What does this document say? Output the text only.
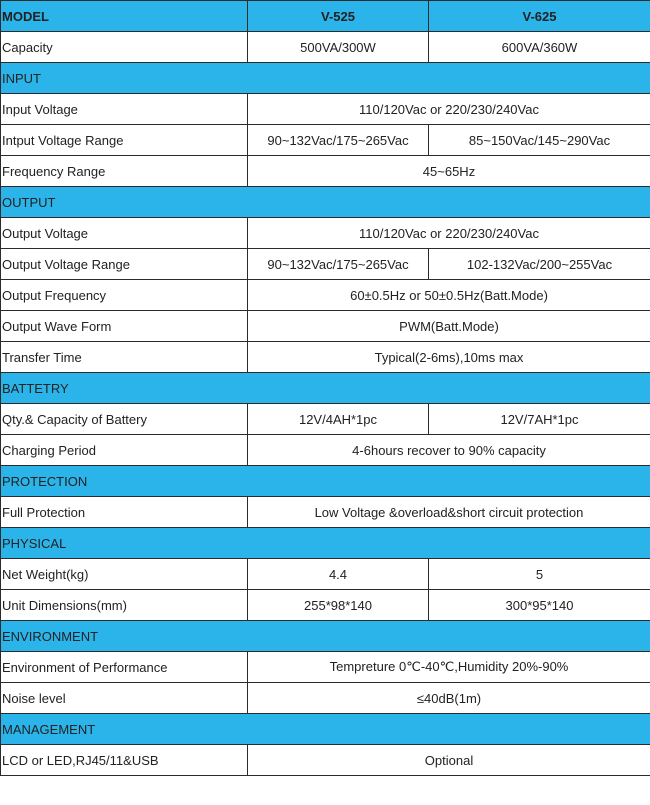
MODEL	V-525	V-625
Capacity	500VA/300W	600VA/360W
INPUT		
Input Voltage	110/120Vac or 220/230/240Vac	
Intput Voltage Range	90~132Vac/175~265Vac	85~150Vac/145~290Vac
Frequency Range	45~65Hz	
OUTPUT		
Output Voltage	110/120Vac or 220/230/240Vac	
Output Voltage Range	90~132Vac/175~265Vac	102-132Vac/200~255Vac
Output Frequency	60±0.5Hz or 50±0.5Hz(Batt.Mode)	
Output Wave Form	PWM(Batt.Mode)	
Transfer Time	Typical(2-6ms),10ms max	
BATTETRY		
Qty.& Capacity of Battery	12V/4AH*1pc	12V/7AH*1pc
Charging Period	4-6hours recover to 90% capacity	
PROTECTION		
Full Protection	Low Voltage &overload&short circuit protection	
PHYSICAL		
Net Weight(kg)	4.4	5
Unit Dimensions(mm)	255*98*140	300*95*140
ENVIRONMENT		
Environment of Performance	Tempreture 0℃-40℃,Humidity 20%-90%	
Noise level	≤40dB(1m)	
MANAGEMENT		
LCD or LED,RJ45/11&USB	Optional	
